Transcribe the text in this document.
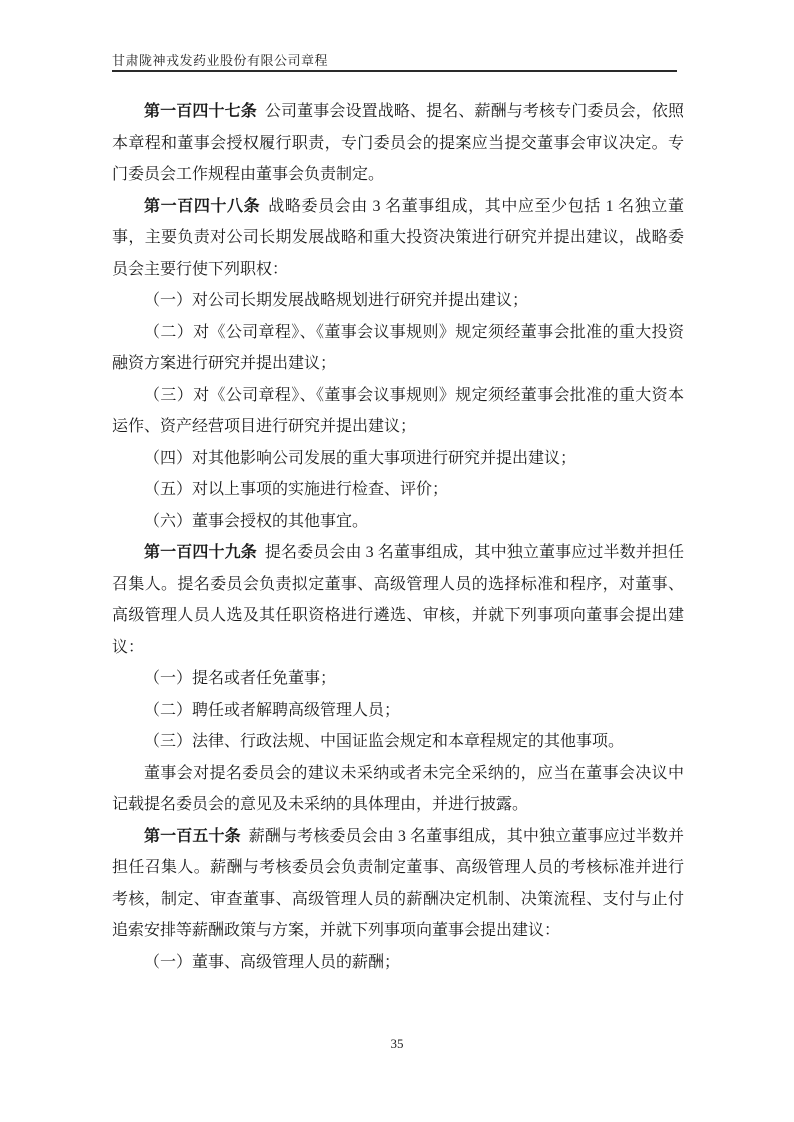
甘肃陇神戎发药业股份有限公司章程

第一百四十七条 公司董事会设置战略、提名、薪酬与考核专门委员会，依照本章程和董事会授权履行职责，专门委员会的提案应当提交董事会审议决定。专门委员会工作规程由董事会负责制定。

第一百四十八条 战略委员会由 3 名董事组成，其中应至少包括 1 名独立董事，主要负责对公司长期发展战略和重大投资决策进行研究并提出建议，战略委员会主要行使下列职权：

（一）对公司长期发展战略规划进行研究并提出建议；

（二）对《公司章程》、《董事会议事规则》规定须经董事会批准的重大投资融资方案进行研究并提出建议；

（三）对《公司章程》、《董事会议事规则》规定须经董事会批准的重大资本运作、资产经营项目进行研究并提出建议；

（四）对其他影响公司发展的重大事项进行研究并提出建议；

（五）对以上事项的实施进行检查、评价；

（六）董事会授权的其他事宜。

第一百四十九条 提名委员会由 3 名董事组成，其中独立董事应过半数并担任召集人。提名委员会负责拟定董事、高级管理人员的选择标准和程序，对董事、高级管理人员人选及其任职资格进行遴选、审核，并就下列事项向董事会提出建议：

（一）提名或者任免董事；

（二）聘任或者解聘高级管理人员；

（三）法律、行政法规、中国证监会规定和本章程规定的其他事项。

董事会对提名委员会的建议未采纳或者未完全采纳的，应当在董事会决议中记载提名委员会的意见及未采纳的具体理由，并进行披露。

第一百五十条 薪酬与考核委员会由 3 名董事组成，其中独立董事应过半数并担任召集人。薪酬与考核委员会负责制定董事、高级管理人员的考核标准并进行考核，制定、审查董事、高级管理人员的薪酬决定机制、决策流程、支付与止付追索安排等薪酬政策与方案，并就下列事项向董事会提出建议：

（一）董事、高级管理人员的薪酬；

35
